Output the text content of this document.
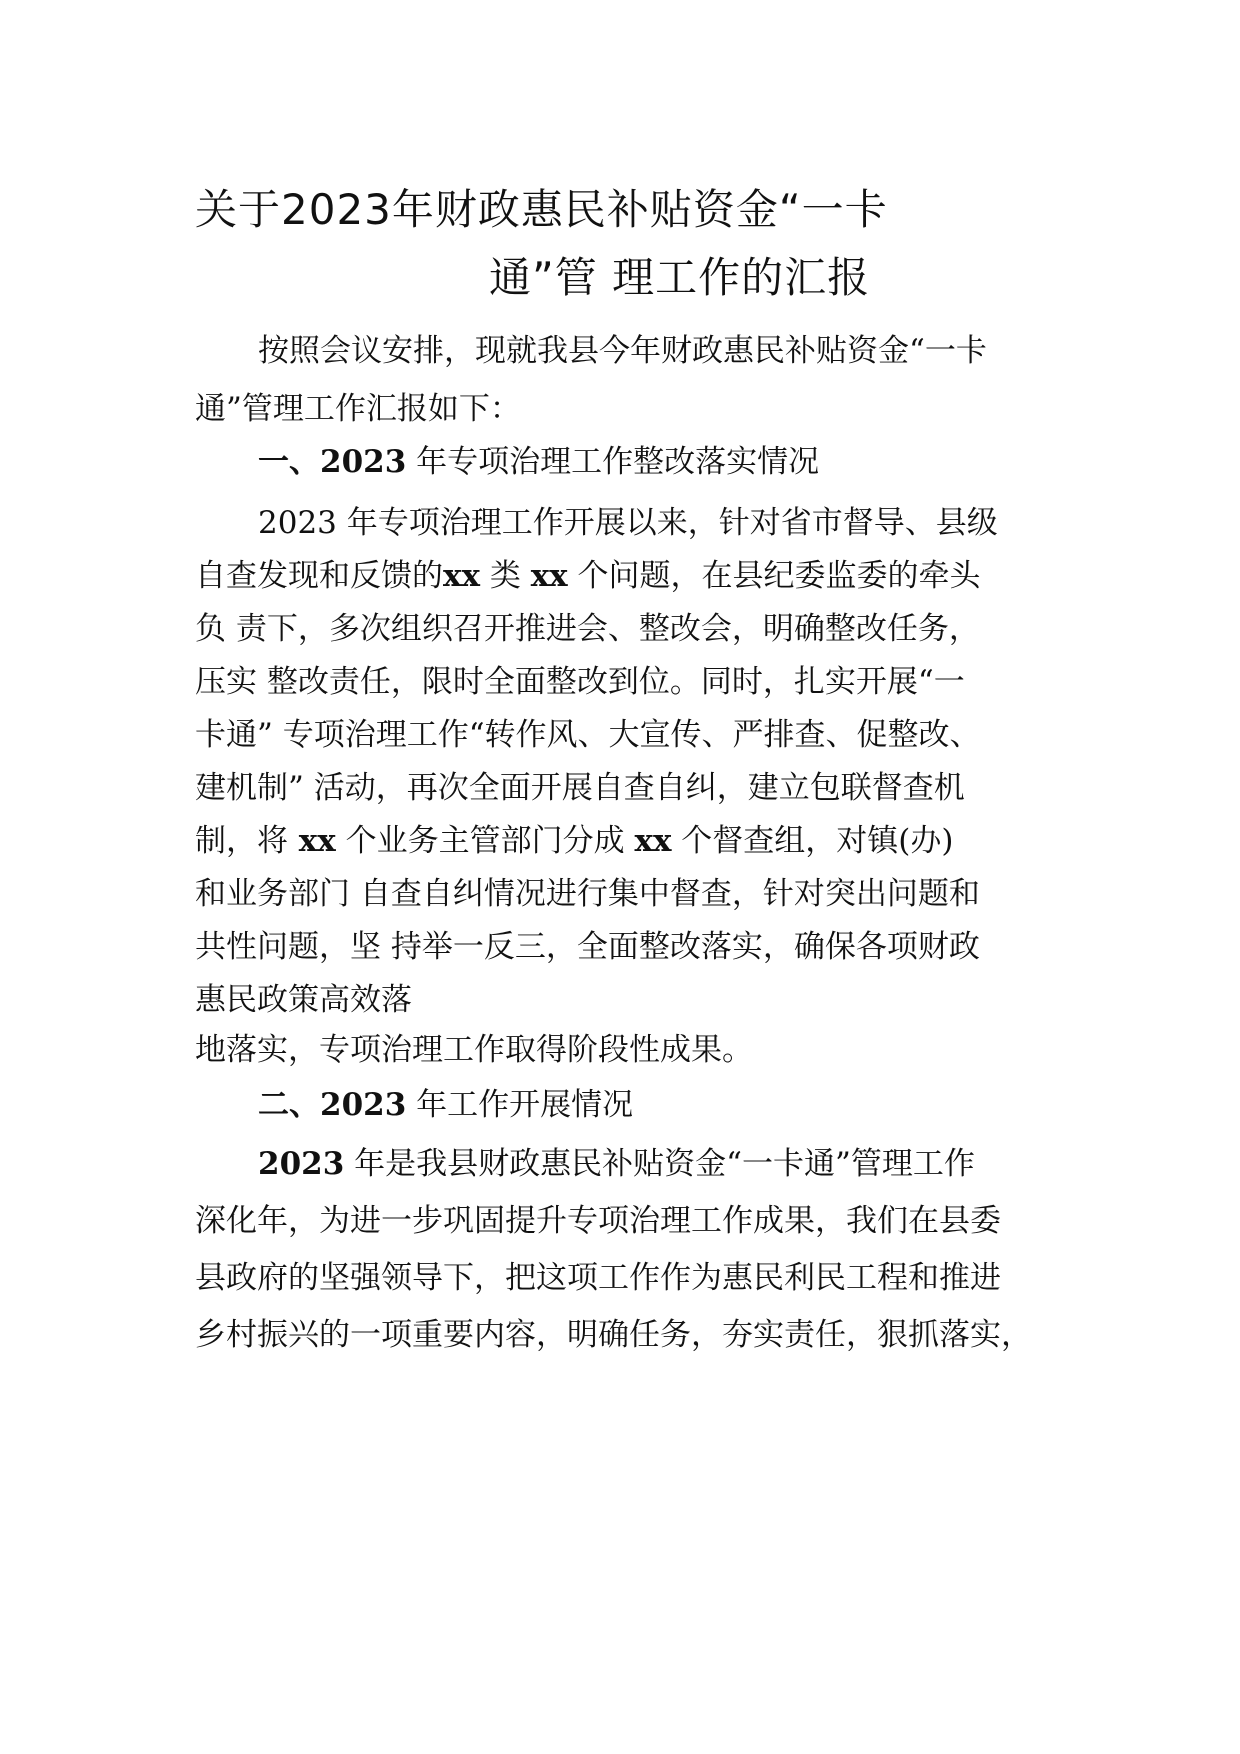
关于2023年财政惠民补贴资金“一卡
通”管 理工作的汇报
按照会议安排，现就我县今年财政惠民补贴资金“一卡
通”管理工作汇报如下：
一、2023 年专项治理工作整改落实情况
2023 年专项治理工作开展以来，针对省市督导、县级
自查发现和反馈的xx 类 xx 个问题，在县纪委监委的牵头
负 责下，多次组织召开推进会、整改会，明确整改任务，
压实 整改责任，限时全面整改到位。同时，扎实开展“一
卡通” 专项治理工作“转作风、大宣传、严排查、促整改、
建机制” 活动，再次全面开展自查自纠，建立包联督查机
制，将 xx 个业务主管部门分成 xx 个督查组，对镇(办)
和业务部门 自查自纠情况进行集中督查，针对突出问题和
共性问题，坚 持举一反三，全面整改落实，确保各项财政
惠民政策高效落
地落实，专项治理工作取得阶段性成果。
二、2023 年工作开展情况
2023 年是我县财政惠民补贴资金“一卡通”管理工作
深化年，为进一步巩固提升专项治理工作成果，我们在县委
县政府的坚强领导下，把这项工作作为惠民利民工程和推进
乡村振兴的一项重要内容，明确任务，夯实责任，狠抓落实，
